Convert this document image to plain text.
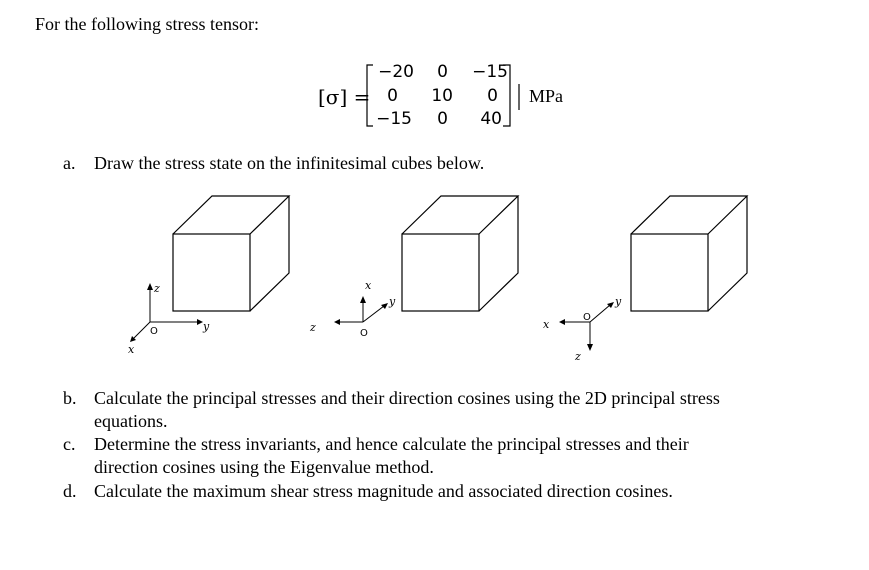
For the following stress tensor:
[σ] =
−20	0 −15
0	10	0
−15	0	40
MPa
z
y
x
O
x
y
z	O
z
x
y
O
a. Draw the stress state on the infinitesimal cubes below.
b. Calculate the principal stresses and their direction cosines using the 2D principal stress
equations.
c. Determine the stress invariants, and hence calculate the principal stresses and their
direction cosines using the Eigenvalue method.
d. Calculate the maximum shear stress magnitude and associated direction cosines.
